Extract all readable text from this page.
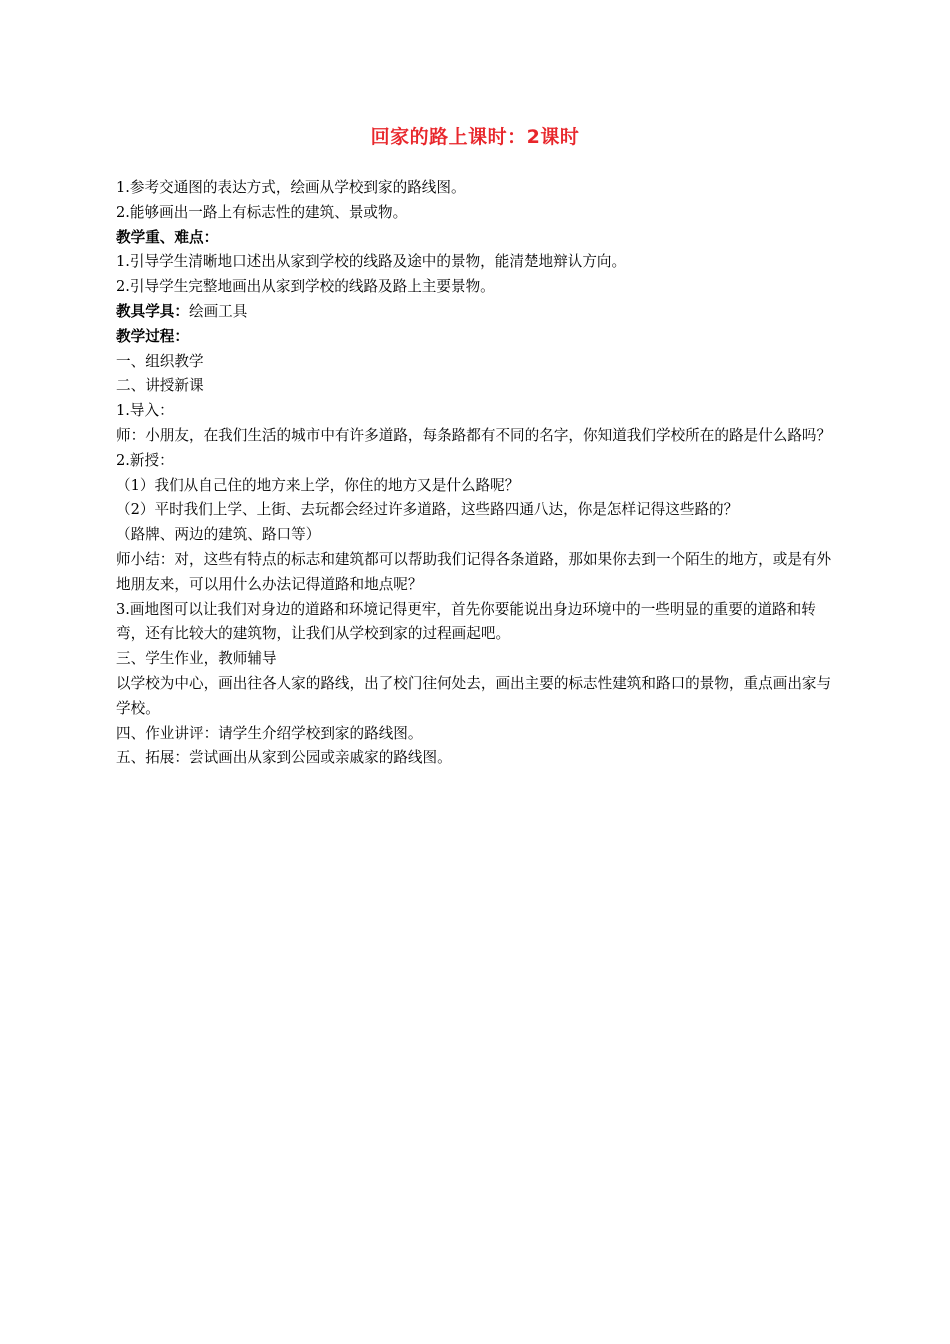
回家的路上课时：2课时

1.参考交通图的表达方式，绘画从学校到家的路线图。

2.能够画出一路上有标志性的建筑、景或物。

教学重、难点：

1.引导学生清晰地口述出从家到学校的线路及途中的景物，能清楚地辩认方向。

2.引导学生完整地画出从家到学校的线路及路上主要景物。

教具学具：绘画工具

教学过程：

一、组织教学

二、讲授新课

1.导入：

师：小朋友，在我们生活的城市中有许多道路，每条路都有不同的名字，你知道我们学校所在的路是什么路吗？

2.新授：

（1）我们从自己住的地方来上学，你住的地方又是什么路呢？

（2）平时我们上学、上街、去玩都会经过许多道路，这些路四通八达，你是怎样记得这些路的？

（路牌、两边的建筑、路口等）

师小结：对，这些有特点的标志和建筑都可以帮助我们记得各条道路，那如果你去到一个陌生的地方，或是有外地朋友来，可以用什么办法记得道路和地点呢？

3.画地图可以让我们对身边的道路和环境记得更牢，首先你要能说出身边环境中的一些明显的重要的道路和转弯，还有比较大的建筑物，让我们从学校到家的过程画起吧。

三、学生作业，教师辅导

以学校为中心，画出往各人家的路线，出了校门往何处去，画出主要的标志性建筑和路口的景物，重点画出家与学校。

四、作业讲评：请学生介绍学校到家的路线图。

五、拓展：尝试画出从家到公园或亲戚家的路线图。
